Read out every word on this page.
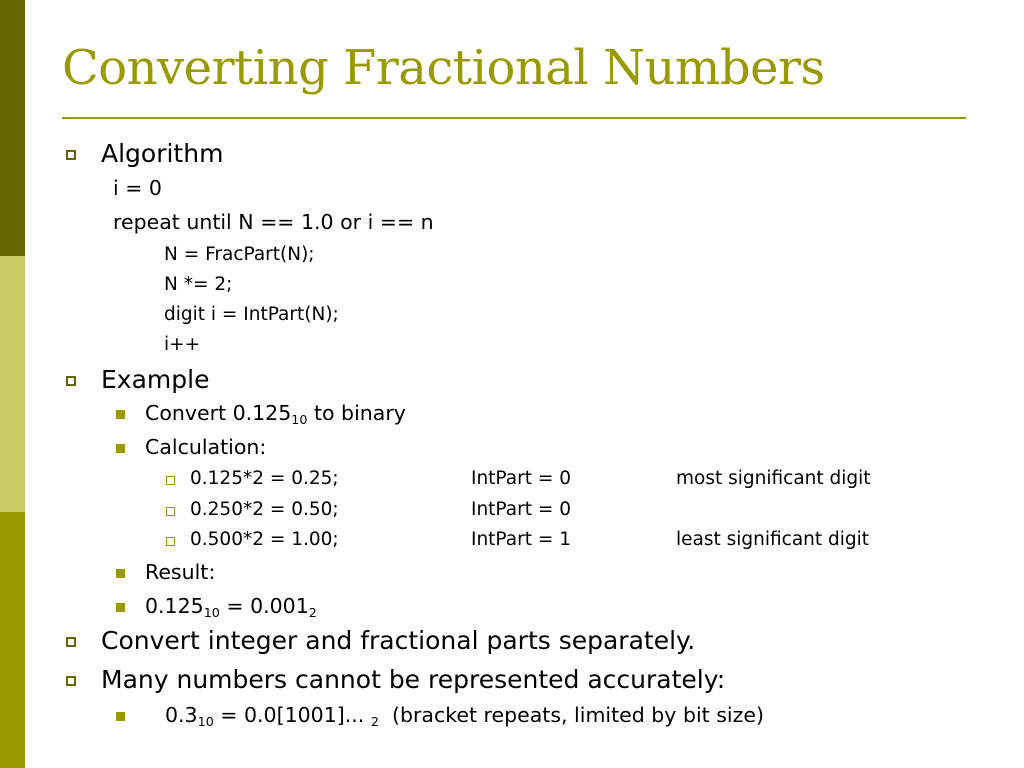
Converting Fractional Numbers
Algorithm
i = 0
repeat until N == 1.0 or i == n
N = FracPart(N);
N *= 2;
digit i = IntPart(N);
i++
Example
Convert $0.125_{10}$ to binary
Calculation:
0.125*2 = 0.25;	IntPart = 0	most significant digit
0.250*2 = 0.50;	IntPart = 0
0.500*2 = 1.00;	IntPart = 1	least significant digit
Result:
$0.125_{10} = 0.001_2$
Convert integer and fractional parts separately.
Many numbers cannot be represented accurately:
$0.3_{10} = 0.0[1001]$... $_2$  (bracket repeats, limited by bit size)
